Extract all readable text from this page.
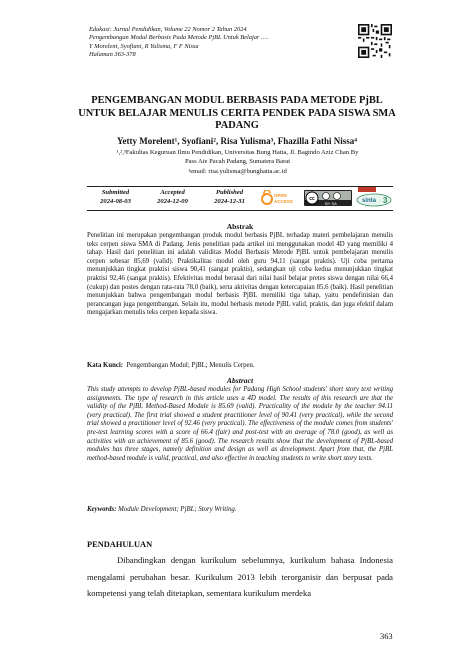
Edukasi: Jurnal Pendidikan, Volume 22 Nomor 2 Tahun 2024
Pengembangan Modul Berbasis Pada Metode PjBL Untuk Belajar ….
Y Morelent, Syofiani, R Yulisma, F F Nissa
Halaman 363-378
PENGEMBANGAN MODUL BERBASIS PADA METODE PjBL UNTUK BELAJAR MENULIS CERITA PENDEK PADA SISWA SMA PADANG
Yetty Morelent¹, Syofiani², Risa Yulisma³, Fhazilla Fathi Nissa⁴
¹,²,³Fakultas Keguruan Ilmu Pendidikan, Universitas Bung Hatta, Jl. Bagindo Aziz Chan By
Pass Aie Pacah Padang, Sumatera Barat
¹email: risa.yulisma@bunghatta.ac.id
Submitted
2024-08-03
Accepted
2024-12-09
Published
2024-12-31
OPEN
ACCESS	cc
BY SA	sinta 3
Abstrak
Penelitian ini merupakan pengembangan produk modul berbasis PjBL terhadap materi pembelajaran menulis teks cerpen siswa SMA di Padang. Jenis penelitian pada artikel ini menggunakan model 4D yang memiliki 4 tahap. Hasil dari penelitian ini adalah validitas Modul Berbasis Metode PjBL untuk pembelajaran menulis cerpen sebesar 85,69 (valid). Praktikalitas modul oleh guru 94,11 (sangat praktis). Uji coba pertama menunjukkan tingkat praktisi siswa 90,41 (sangat praktis), sedangkan uji coba kedua menunjukkan tingkat praktisi 92,46 (sangat praktis). Efektivitas modul berasal dari nilai hasil belajar pretes siswa dengan nilai 66,4 (cukup) dan postes dengan rata-rata 78,0 (baik), serta aktivitas dengan ketercapaian 85,6 (baik). Hasil penelitian menunjukkan bahwa pengembangan modul berbasis PjBL memiliki tiga tahap, yaitu pendefinisian dan perancangan juga pengembangan. Selain itu, modul berbasis metode PjBL valid, praktis, dan juga efektif dalam mengajarkan menulis teks cerpen kepada siswa.
Kata Kunci: Pengembangan Modul; PjBL; Menulis Cerpen.
Abstract
This study attempts to develop PjBL-based modules for Padang High School students' short story text writing assignments. The type of research in this article uses a 4D model. The results of this research are that the validity of the PjBL Method-Based Module is 85.69 (valid). Practicality of the module by the teacher 94.11 (very practical). The first trial showed a student practitioner level of 90.41 (very practical), while the second trial showed a practitioner level of 92.46 (very practical). The effectiveness of the module comes from students' pre-test learning scores with a score of 66.4 (fair) and post-test with an average of 78.0 (good), as well as activities with an achievement of 85.6 (good). The research results show that the development of PjBL-based modules has three stages, namely definition and design as well as development. Apart from that, the PjBL method-based module is valid, practical, and also effective in teaching students to write short story texts.
Keywords: Module Development; PjBL; Story Writing.
PENDAHULUAN
Dibandingkan dengan kurikulum sebelumnya, kurikulum bahasa Indonesia mengalami perubahan besar. Kurikulum 2013 lebih terorganisir dan berpusat pada kompetensi yang telah ditetapkan, sementara kurikulum merdeka
363
